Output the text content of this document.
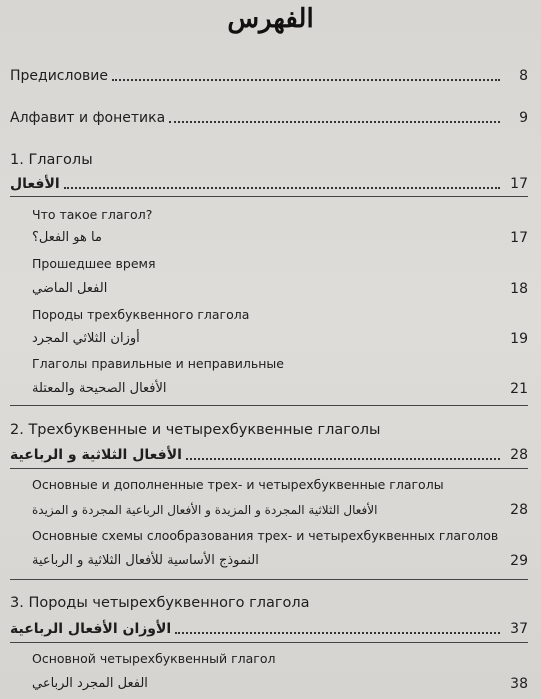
الفهرس
Предисловие	8
Алфавит и фонетика	9
1. Глаголы
الأفعال	17
Что такое глагол?
ما هو الفعل؟	17
Прошедшее время
الفعل الماضي	18
Породы трехбуквенного глагола
أوزان الثلاثي المجرد	19
Глаголы правильные и неправильные
الأفعال الصحيحة والمعتلة	21
2. Трехбуквенные и четырехбуквенные глаголы
الأفعال الثلاثية و الرباعية	28
Основные и дополненные трех- и четырехбуквенные глаголы
الأفعال الثلاثية المجردة و المزيدة و الأفعال الرباعية المجردة و المزيدة	28
Основные схемы слообразования трех- и четырехбуквенных глаголов
النموذج الأساسية للأفعال الثلاثية و الرباعية	29
3. Породы четырехбуквенного глагола
الأوزان الأفعال الرباعية	37
Основной четырехбуквенный глагол
الفعل المجرد الرباعي	38
